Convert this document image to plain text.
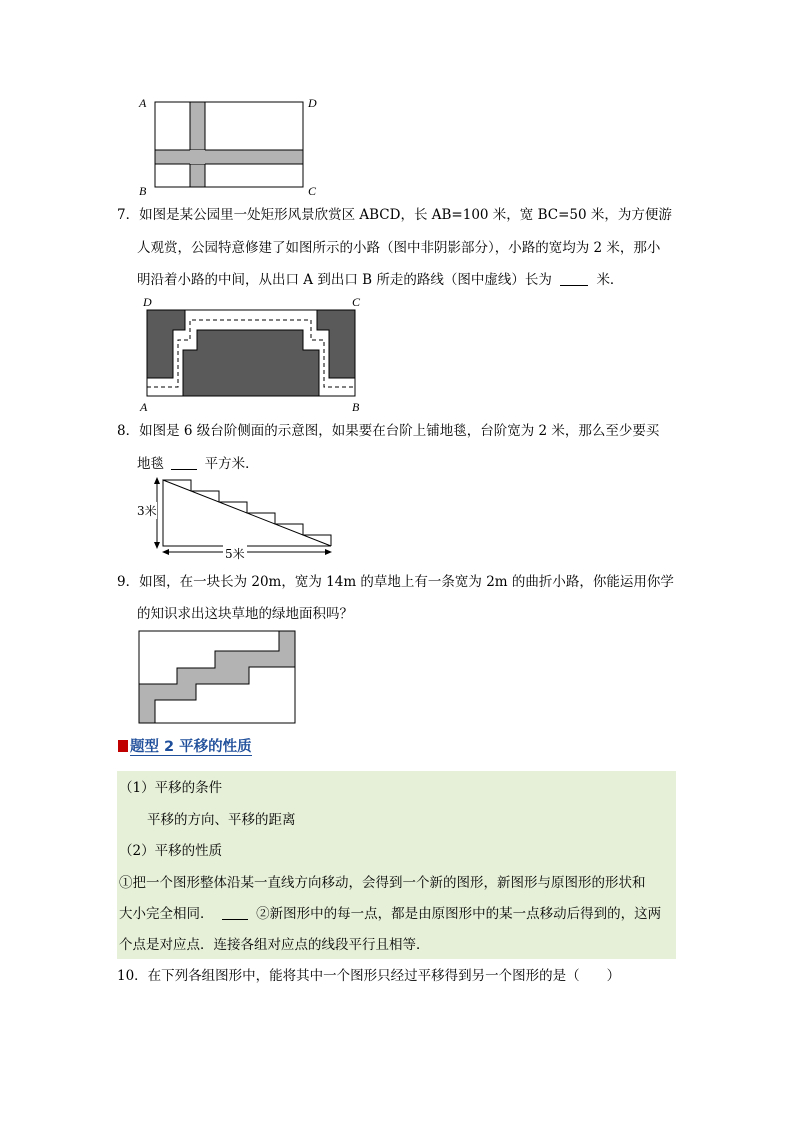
A	D
B	C
7．如图是某公园里一处矩形风景欣赏区 ABCD，长 AB=100 米，宽 BC=50 米，为方便游
人观赏，公园特意修建了如图所示的小路（图中非阴影部分），小路的宽均为 2 米，那小
明沿着小路的中间，从出口 A 到出口 B 所走的路线（图中虚线）长为	米．
D	C
A	B
8．如图是 6 级台阶侧面的示意图，如果要在台阶上铺地毯，台阶宽为 2 米，那么至少要买
地毯	平方米．
3米
5米
9．如图，在一块长为 20m，宽为 14m 的草地上有一条宽为 2m 的曲折小路，你能运用你学
的知识求出这块草地的绿地面积吗？
题型 2 平移的性质
（1）平移的条件
平移的方向、平移的距离
（2）平移的性质
①把一个图形整体沿某一直线方向移动，会得到一个新的图形，新图形与原图形的形状和
大小完全相同．	②新图形中的每一点，都是由原图形中的某一点移动后得到的，这两
个点是对应点．连接各组对应点的线段平行且相等．
10．在下列各组图形中，能将其中一个图形只经过平移得到另一个图形的是（　　）
